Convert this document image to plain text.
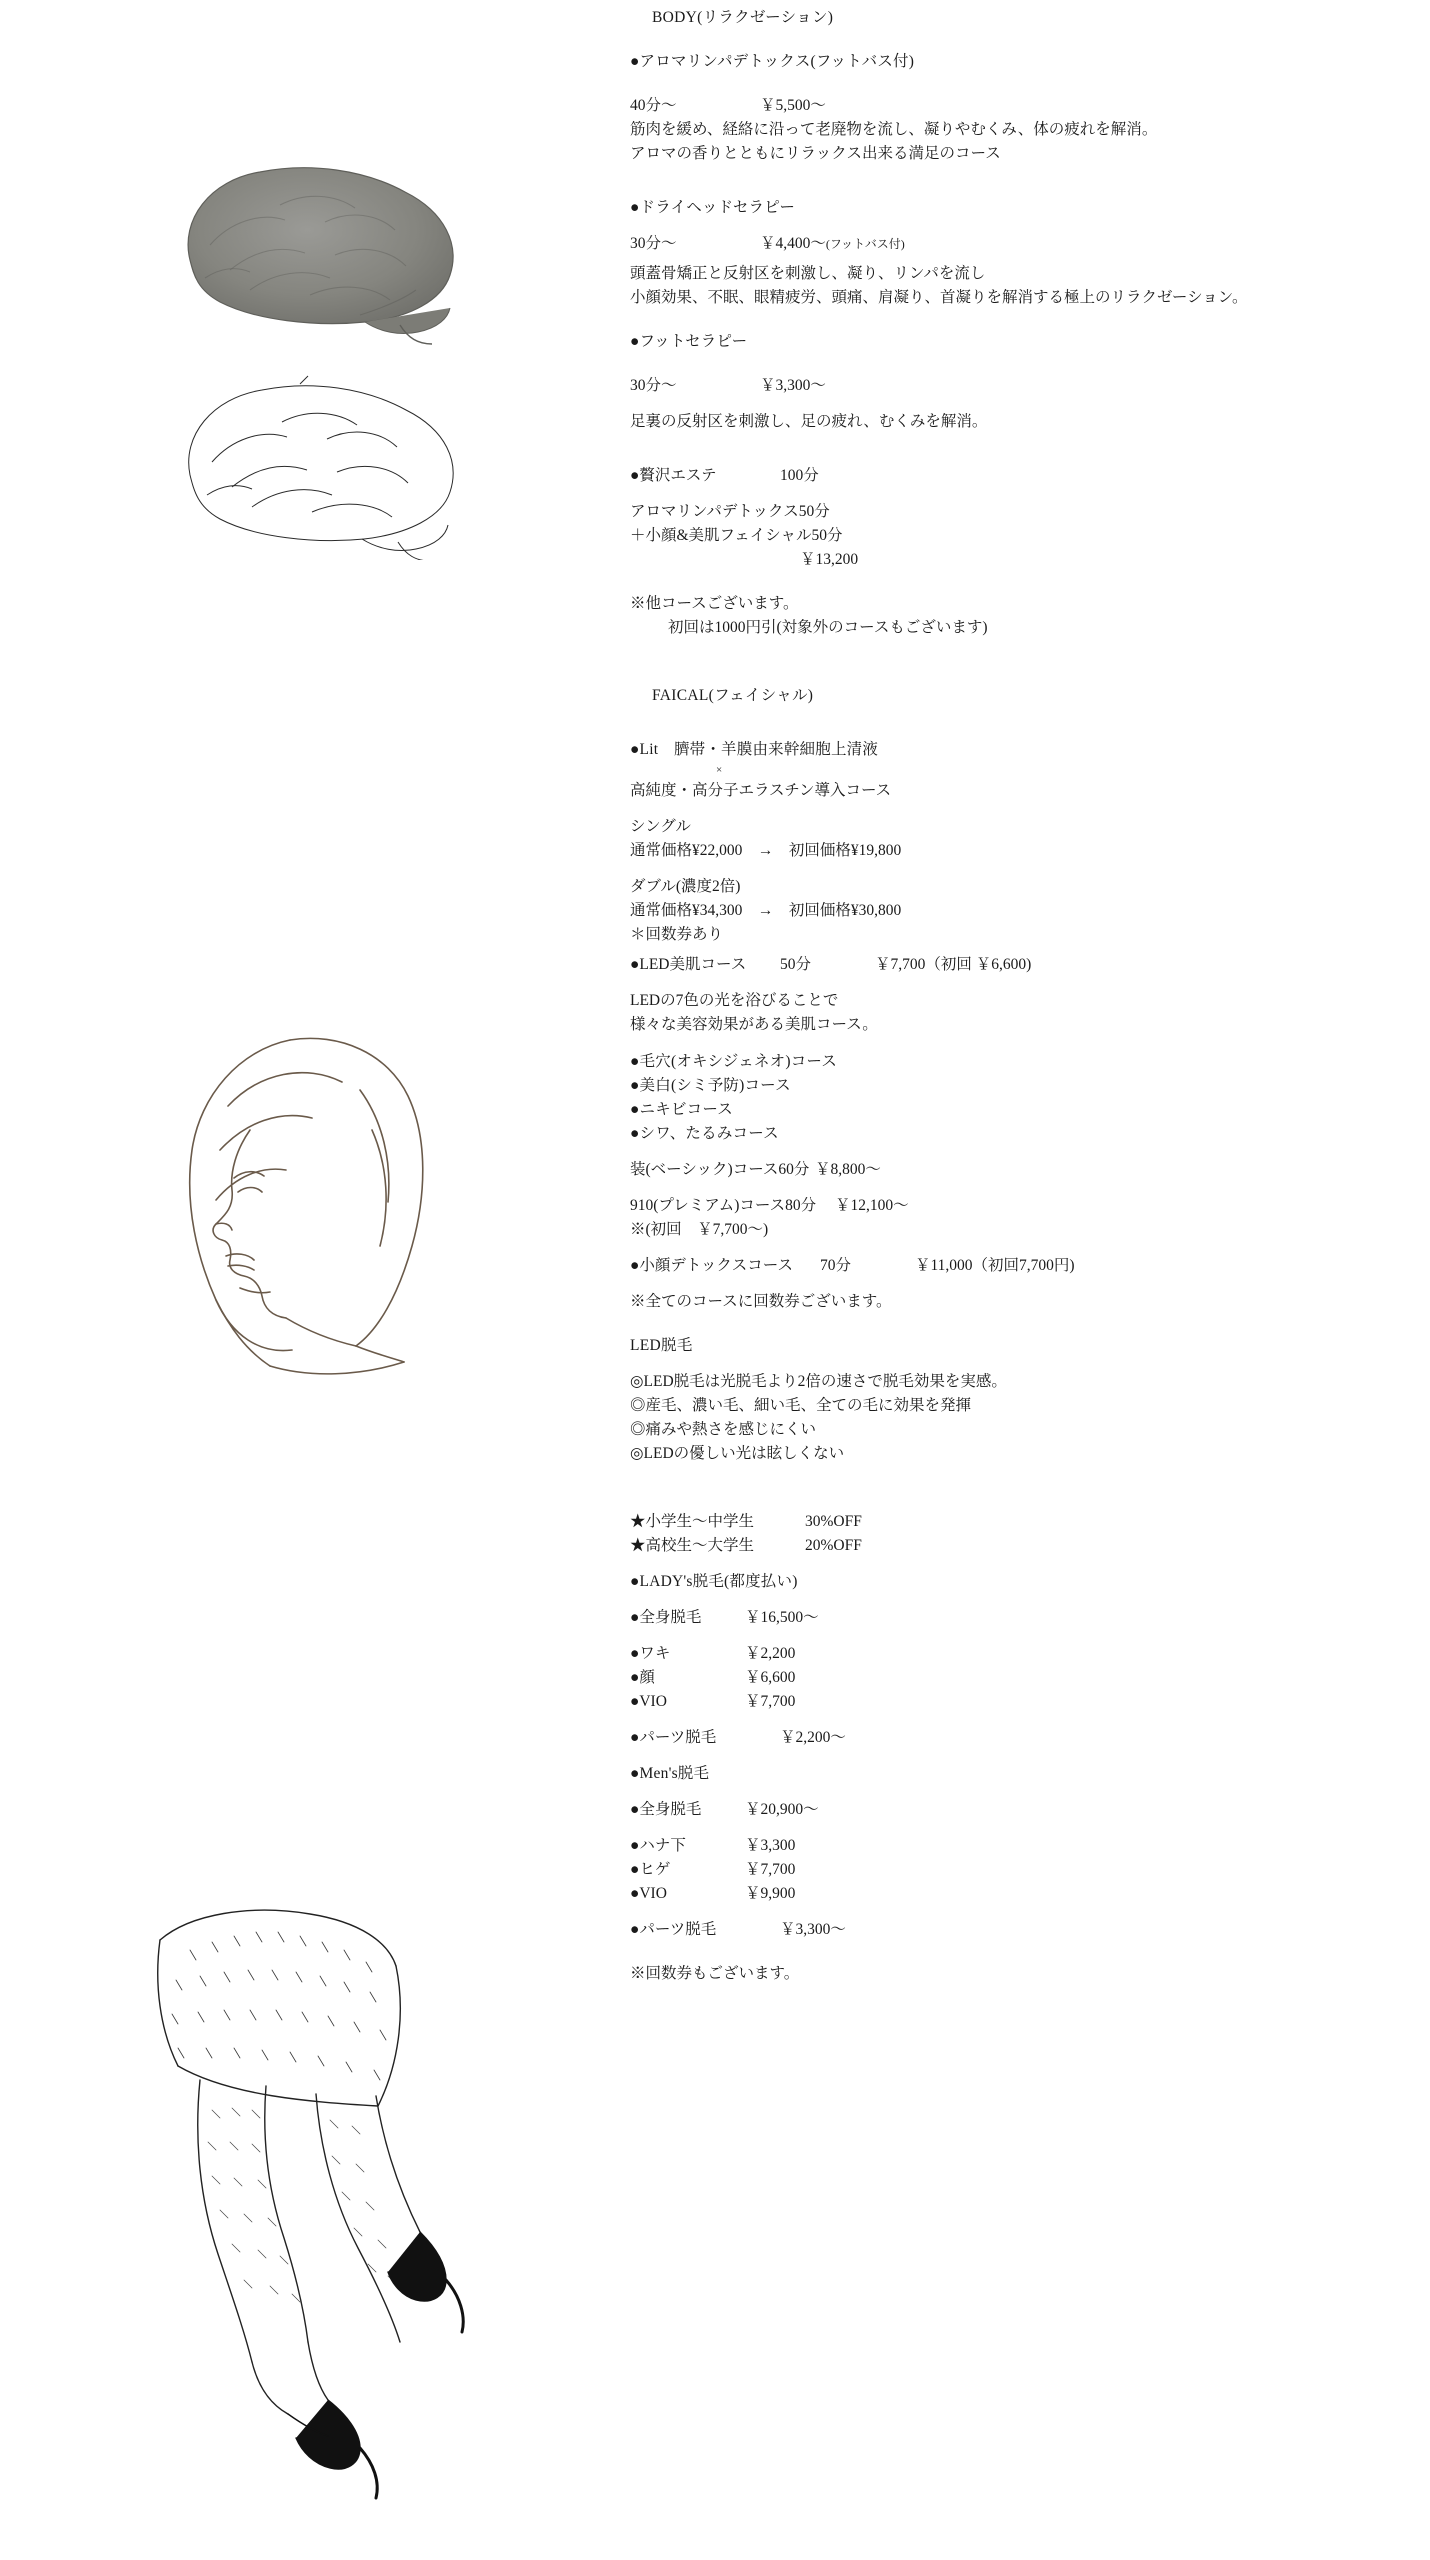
BODY(リラクゼーション)
●アロマリンパデトックス(フットバス付)
40分〜	￥5,500〜
筋肉を緩め、経絡に沿って老廃物を流し、凝りやむくみ、体の疲れを解消。
アロマの香りとともにリラックス出来る満足のコース
●ドライヘッドセラピー
30分〜	￥4,400〜 (フットバス付)
頭蓋骨矯正と反射区を刺激し、凝り、リンパを流し
小顔効果、不眠、眼精疲労、頭痛、肩凝り、首凝りを解消する極上のリラクゼーション。
●フットセラピー
30分〜	￥3,300〜
足裏の反射区を刺激し、足の疲れ、むくみを解消。
●贅沢エステ	100分
アロマリンパデトックス50分
＋小顔&美肌フェイシャル50分
￥13,200
※他コースございます。
初回は1000円引(対象外のコースもございます)
FAICAL(フェイシャル)
●Lit　臍帯・羊膜由来幹細胞上清液
×
高純度・高分子エラスチン導入コース
シングル
通常価格¥22,000　→　初回価格¥19,800
ダブル(濃度2倍)
通常価格¥34,300　→　初回価格¥30,800
＊回数券あり
●LED美肌コース	50分	￥7,700（初回 ￥6,600)
LEDの7色の光を浴びることで
様々な美容効果がある美肌コース。
●毛穴(オキシジェネオ)コース
●美白(シミ予防)コース
●ニキビコース
●シワ、たるみコース
装(ベーシック)コース60分 ￥8,800〜
910(プレミアム)コース80分	￥12,100〜
※(初回　￥7,700〜)
●小顔デトックスコース	70分	￥11,000（初回7,700円)
※全てのコースに回数券ございます。
LED脱毛
◎LED脱毛は光脱毛より2倍の速さで脱毛効果を実感。
◎産毛、濃い毛、細い毛、全ての毛に効果を発揮
◎痛みや熱さを感じにくい
◎LEDの優しい光は眩しくない
★小学生〜中学生	30%OFF
★高校生〜大学生	20%OFF
●LADY's脱毛(都度払い)
●全身脱毛	￥16,500〜
●ワキ	￥2,200
●顔	￥6,600
●VIO	￥7,700
●パーツ脱毛	￥2,200〜
●Men's脱毛
●全身脱毛	￥20,900〜
●ハナ下	￥3,300
●ヒゲ	￥7,700
●VIO	￥9,900
●パーツ脱毛	￥3,300〜
※回数券もございます。
